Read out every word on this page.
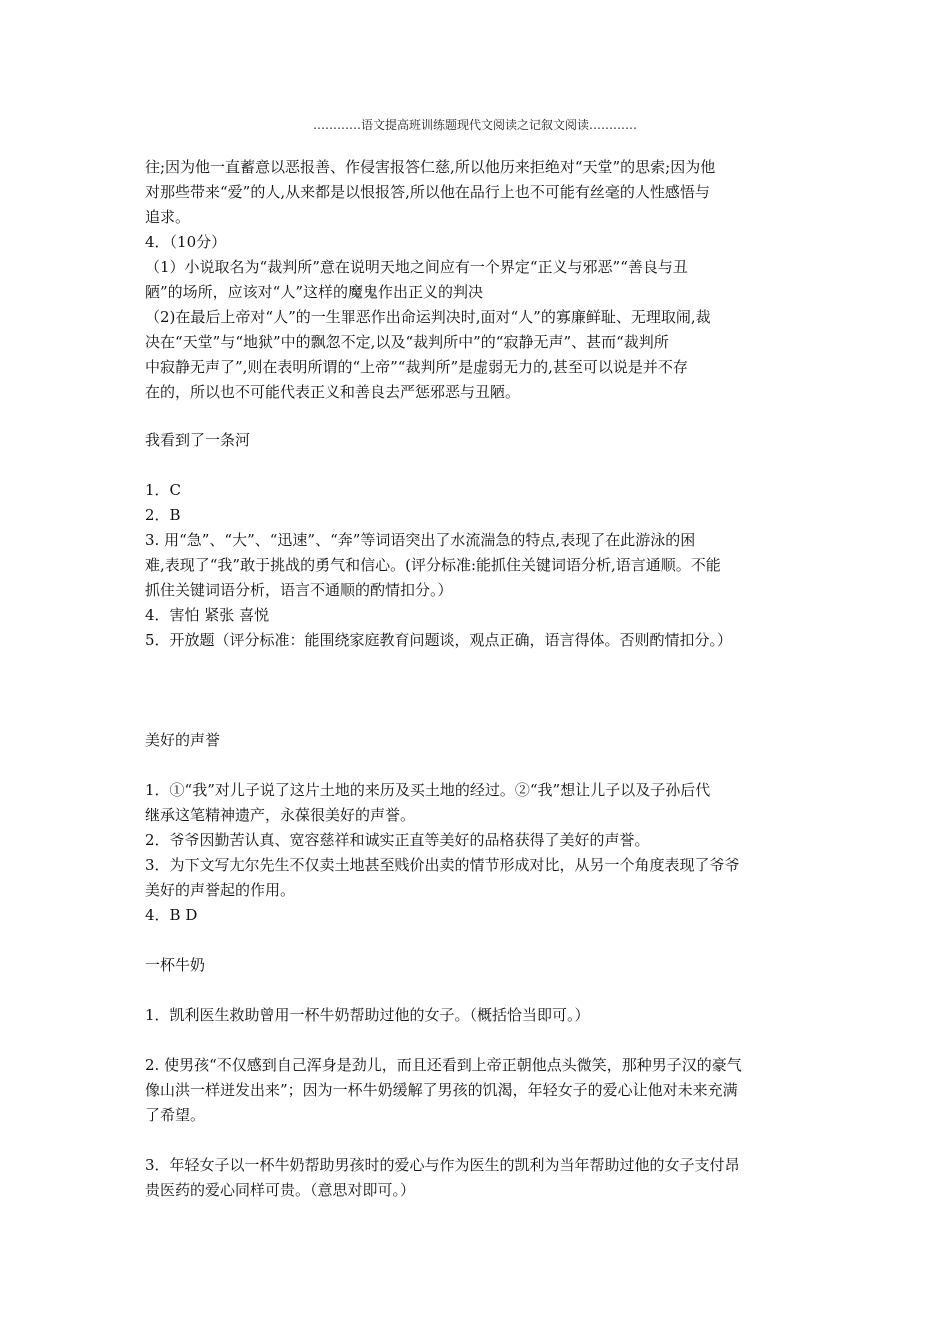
…………语文提高班训练题现代文阅读之记叙文阅读…………
往;因为他一直蓄意以恶报善、作侵害报答仁慈,所以他历来拒绝对“天堂”的思索;因为他
对那些带来“爱”的人,从来都是以恨报答,所以他在品行上也不可能有丝毫的人性感悟与
追求。
4．（10分）
（1）小说取名为“裁判所”意在说明天地之间应有一个界定“正义与邪恶”“善良与丑
陋”的场所，应该对“人”这样的魔鬼作出正义的判决
（2)在最后上帝对“人”的一生罪恶作出命运判决时,面对“人”的寡廉鲜耻、无理取闹,裁
决在“天堂”与“地狱”中的飘忽不定,以及“裁判所中”的“寂静无声”、甚而“裁判所
中寂静无声了”,则在表明所谓的“上帝”“裁判所”是虚弱无力的,甚至可以说是并不存
在的，所以也不可能代表正义和善良去严惩邪恶与丑陋。
我看到了一条河
1．C
2．B
3. 用“急”、“大”、“迅速”、“奔”等词语突出了水流湍急的特点,表现了在此游泳的困
难,表现了“我”敢于挑战的勇气和信心。(评分标准:能抓住关键词语分析,语言通顺。不能
抓住关键词语分析，语言不通顺的酌情扣分。）
4．害怕 紧张 喜悦
5．开放题（评分标准：能围绕家庭教育问题谈，观点正确，语言得体。否则酌情扣分。）
美好的声誉
1．①“我”对儿子说了这片土地的来历及买土地的经过。②“我”想让儿子以及子孙后代
继承这笔精神遗产，永葆很美好的声誉。
2．爷爷因勤苦认真、宽容慈祥和诚实正直等美好的品格获得了美好的声誉。
3．为下文写尢尔先生不仅卖土地甚至贱价出卖的情节形成对比，从另一个角度表现了爷爷
美好的声誉起的作用。
4．B D
一杯牛奶
1．凯利医生救助曾用一杯牛奶帮助过他的女子。（概括恰当即可。）
2. 使男孩“不仅感到自己浑身是劲儿，而且还看到上帝正朝他点头微笑，那种男子汉的豪气
像山洪一样迸发出来”；因为一杯牛奶缓解了男孩的饥渴，年轻女子的爱心让他对未来充满
了希望。
3．年轻女子以一杯牛奶帮助男孩时的爱心与作为医生的凯利为当年帮助过他的女子支付昂
贵医药的爱心同样可贵。（意思对即可。）
